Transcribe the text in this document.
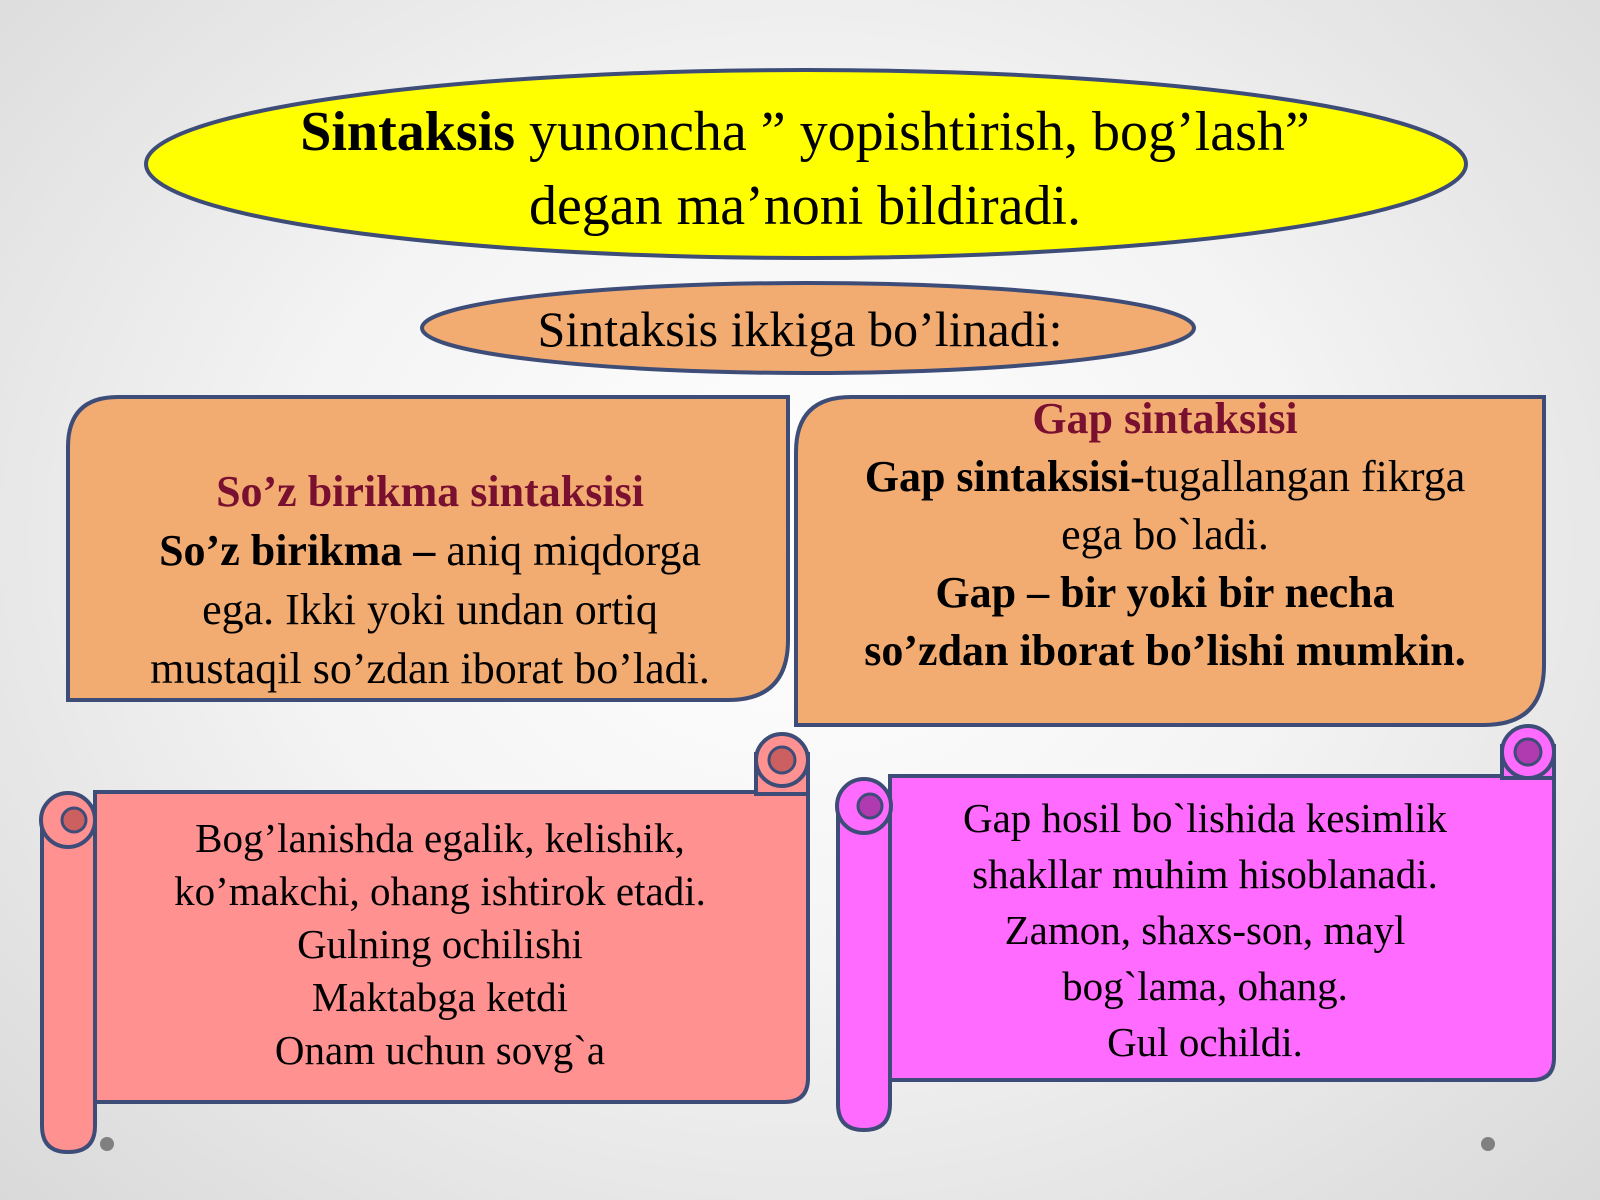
Sintaksis yunoncha ” yopishtirish, bog’lash”
degan ma’noni bildiradi.
Sintaksis ikkiga bo’linadi:
So’z birikma sintaksisi
So’z birikma – aniq miqdorga
ega. Ikki yoki undan ortiq
mustaqil so’zdan iborat bo’ladi.
Gap sintaksisi
Gap sintaksisi-tugallangan fikrga
ega bo`ladi.
Gap – bir yoki bir necha
so’zdan iborat bo’lishi mumkin.
Bog’lanishda egalik, kelishik,
ko’makchi, ohang ishtirok etadi.
Gulning ochilishi
Maktabga ketdi
Onam uchun sovg`a
Gap hosil bo`lishida kesimlik
shakllar muhim hisoblanadi.
Zamon, shaxs-son, mayl
bog`lama, ohang.
Gul ochildi.
